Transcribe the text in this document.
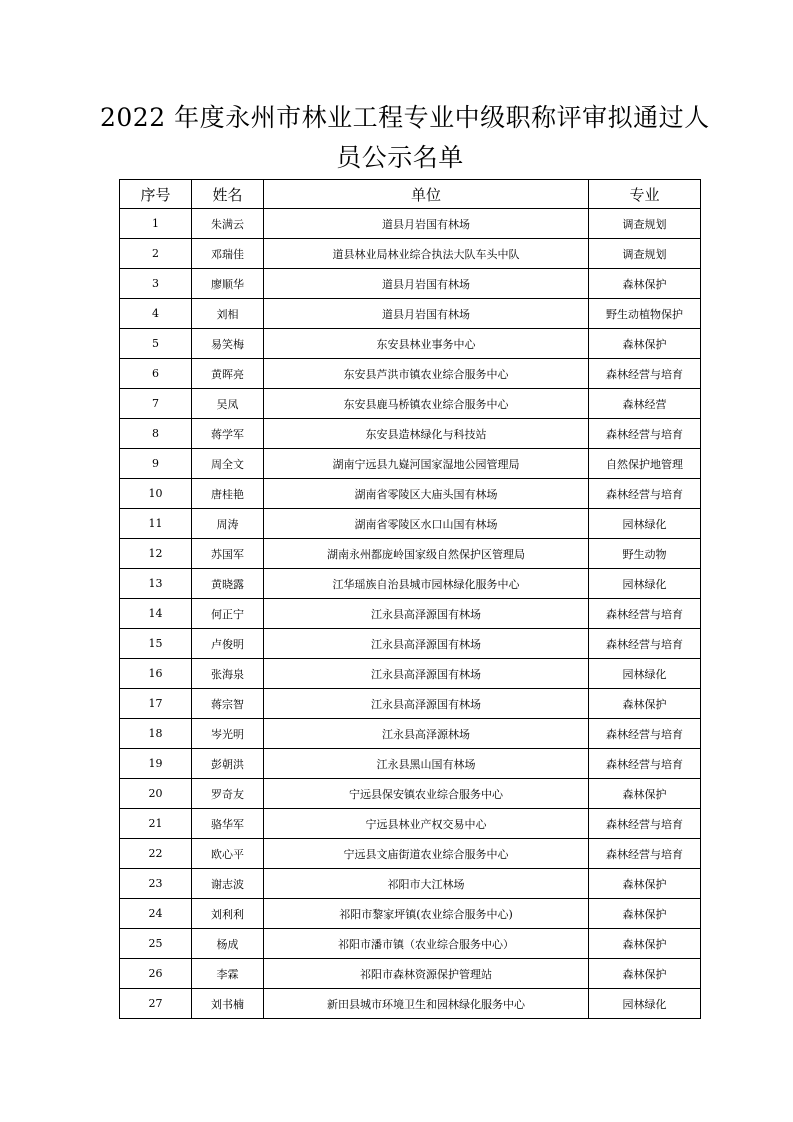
2022 年度永州市林业工程专业中级职称评审拟通过人
员公示名单
序号	姓名	单位	专业
1	朱满云	道县月岩国有林场	调查规划
2	邓瑞佳	道县林业局林业综合执法大队车头中队	调查规划
3	廖顺华	道县月岩国有林场	森林保护
4	刘相	道县月岩国有林场	野生动植物保护
5	易笑梅	东安县林业事务中心	森林保护
6	黄晖亮	东安县芦洪市镇农业综合服务中心	森林经营与培育
7	吴凤	东安县鹿马桥镇农业综合服务中心	森林经营
8	蒋学军	东安县造林绿化与科技站	森林经营与培育
9	周全文	湖南宁远县九嶷河国家湿地公园管理局	自然保护地管理
10	唐桂艳	湖南省零陵区大庙头国有林场	森林经营与培育
11	周涛	湖南省零陵区水口山国有林场	园林绿化
12	苏国军	湖南永州都庞岭国家级自然保护区管理局	野生动物
13	黄晓露	江华瑶族自治县城市园林绿化服务中心	园林绿化
14	何正宁	江永县高泽源国有林场	森林经营与培育
15	卢俊明	江永县高泽源国有林场	森林经营与培育
16	张海泉	江永县高泽源国有林场	园林绿化
17	蒋宗智	江永县高泽源国有林场	森林保护
18	岑光明	江永县高泽源林场	森林经营与培育
19	彭朝洪	江永县黑山国有林场	森林经营与培育
20	罗奇友	宁远县保安镇农业综合服务中心	森林保护
21	骆华军	宁远县林业产权交易中心	森林经营与培育
22	欧心平	宁远县文庙街道农业综合服务中心	森林经营与培育
23	谢志波	祁阳市大江林场	森林保护
24	刘利利	祁阳市黎家坪镇(农业综合服务中心)	森林保护
25	杨成	祁阳市潘市镇（农业综合服务中心）	森林保护
26	李霖	祁阳市森林资源保护管理站	森林保护
27	刘书楠	新田县城市环境卫生和园林绿化服务中心	园林绿化
